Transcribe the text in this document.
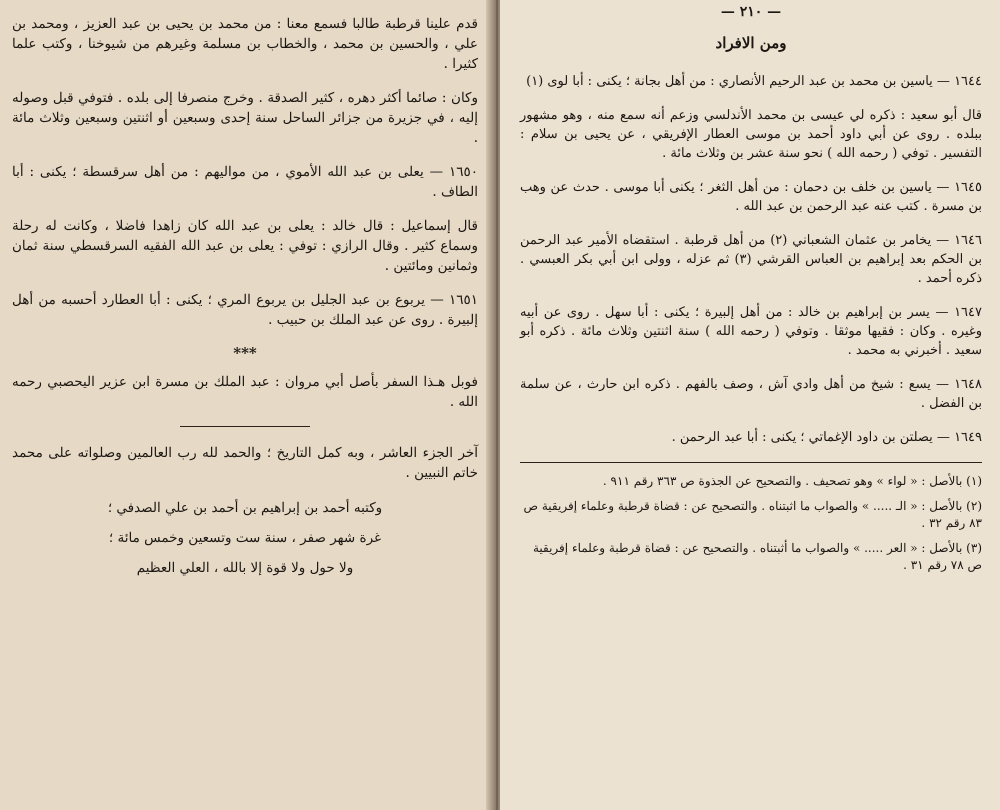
قدم علينا قرطبة طالبا فسمع معنا : من محمد بن يحيى بن عبد العزيز ، ومحمد بن علي ، والحسين بن محمد ، والخطاب بن مسلمة وغيرهم من شيوخنا ، وكتب علما كثيرا .

وكان : صائما أكثر دهره ، كثير الصدقة . وخرج منصرفا إلى بلده . فتوفي قبل وصوله إليه ، في جزيرة من جزائر الساحل سنة إحدى وسبعين أو اثنتين وسبعين وثلاث مائة .

١٦٥٠ — يعلى بن عبد الله الأموي ، من مواليهم : من أهل سرقسطة ؛ يكنى : أبا الطاف .

قال إسماعيل : قال خالد : يعلى بن عبد الله كان زاهدا فاضلا ، وكانت له رحلة وسماع كثير . وقال الرازي : توفي : يعلى بن عبد الله الفقيه السرقسطي سنة ثمان وثمانين ومائتين .

١٦٥١ — يربوع بن عبد الجليل بن يربوع المري ؛ يكنى : أبا العطارد أحسبه من أهل إلبيرة . روى عن عبد الملك بن حبيب .

***

فوبل هـذا السفر بأصل أبي مروان : عبد الملك بن مسرة ابن عزير اليحصبي رحمه الله .

آخر الجزء العاشر ، وبه كمل التاريخ ؛ والحمد لله رب العالمين وصلواته على محمد خاتم النبيين .

وكتبه أحمد بن إبراهيم بن أحمد بن علي الصدفي ؛

غرة شهر صفر ، سنة ست وتسعين وخمس مائة ؛

ولا حول ولا قوة إلا بالله ، العلي العظيم

— ٢١٠ —
ومن الافراد

١٦٤٤ — ياسين بن محمد بن عبد الرحيم الأنصاري : من أهل بجانة ؛ يكنى : أبا لوى (١)

قال أبو سعيد : ذكره لي عيسى بن محمد الأندلسي وزعم أنه سمع منه ، وهو مشهور ببلده . روى عن أبي داود أحمد بن موسى العطار الإفريقي ، عن يحيى بن سلام : التفسير . توفي ( رحمه الله ) نحو سنة عشر بن وثلاث مائة .

١٦٤٥ — ياسين بن خلف بن دحمان : من أهل الثغر ؛ يكنى أبا موسى . حدث عن وهب بن مسرة . كتب عنه عبد الرحمن بن عبد الله .

١٦٤٦ — يخامر بن عثمان الشعباني (٢) من أهل قرطبة . استقضاه الأمير عبد الرحمن بن الحكم بعد إبراهيم بن العباس القرشي (٣) ثم عزله ، وولى ابن أبي بكر العبسي . ذكره أحمد .

١٦٤٧ — يسر بن إبراهيم بن خالد : من أهل إلبيرة ؛ يكنى : أبا سهل . روى عن أبيه وغيره . وكان : فقيها موثقا . وتوفي ( رحمه الله ) سنة اثنتين وثلاث مائة . ذكره أبو سعيد . أخبرني به محمد .

١٦٤٨ — يسع : شيخ من أهل وادي آش ، وصف بالفهم . ذكره ابن حارث ، عن سلمة بن الفضل .

١٦٤٩ — يصلتن بن داود الإغماتي ؛ يكنى : أبا عبد الرحمن .

(١) بالأصل : « لواء » وهو تصحيف . والتصحيح عن الجذوة ص ٣٦٣ رقم ٩١١ .

(٢) بالأصل : « الـ ..... » والصواب ما اثبتناه . والتصحيح عن : قضاة قرطبة وعلماء إفريقية ص ٨٣ رقم ٣٢ .

(٣) بالأصل : « العر ..... » والصواب ما أثبتناه . والتصحيح عن : قضاة قرطبة وعلماء إفريقية ص ٧٨ رقم ٣١ .
